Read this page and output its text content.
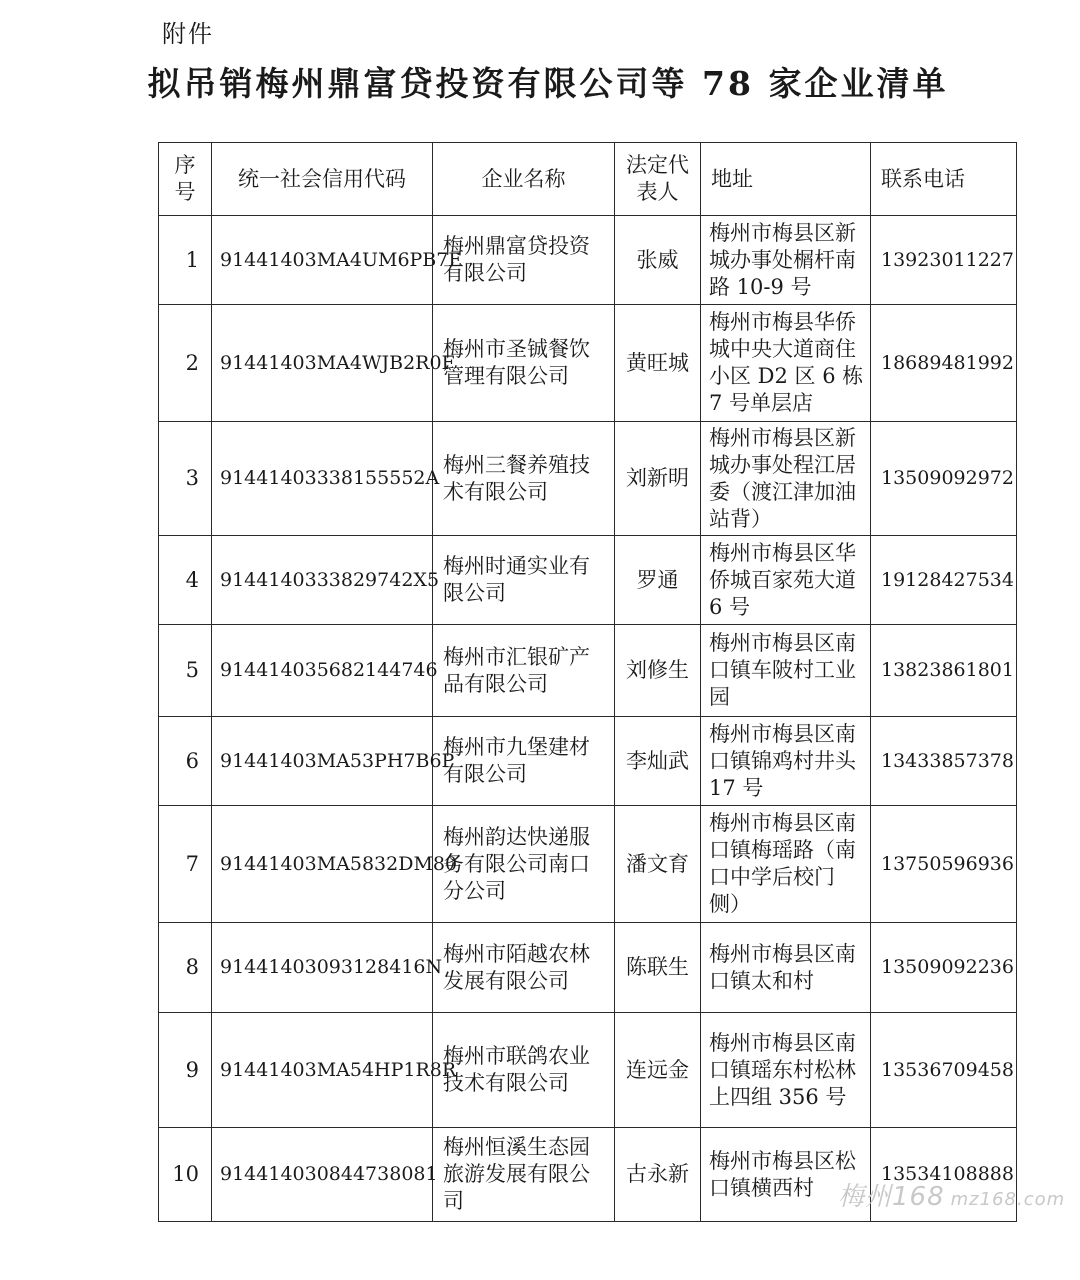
附件
拟吊销梅州鼎富贷投资有限公司等 78 家企业清单
序号	统一社会信用代码	企业名称	法定代表人	地址	联系电话
1	91441403MA4UM6PB7E	梅州鼎富贷投资有限公司	张威	梅州市梅县区新城办事处榍杆南路 10-9 号	13923011227
2	91441403MA4WJB2R0F	梅州市圣铖餐饮管理有限公司	黄旺城	梅州市梅县华侨城中央大道商住小区 D2 区 6 栋 7 号单层店	18689481992
3	91441403338155552A	梅州三餐养殖技术有限公司	刘新明	梅州市梅县区新城办事处程江居委（渡江津加油站背）	13509092972
4	9144140333829742X5	梅州时通实业有限公司	罗通	梅州市梅县区华侨城百家苑大道 6 号	19128427534
5	914414035682144746	梅州市汇银矿产品有限公司	刘修生	梅州市梅县区南口镇车陂村工业园	13823861801
6	91441403MA53PH7B6P	梅州市九堡建材有限公司	李灿武	梅州市梅县区南口镇锦鸡村井头 17 号	13433857378
7	91441403MA5832DM80	梅州韵达快递服务有限公司南口分公司	潘文育	梅州市梅县区南口镇梅瑶路（南口中学后校门侧）	13750596936
8	91441403093128416N	梅州市陌越农林发展有限公司	陈联生	梅州市梅县区南口镇太和村	13509092236
9	91441403MA54HP1R8R	梅州市联鸽农业技术有限公司	连远金	梅州市梅县区南口镇瑶东村松林上四组 356 号	13536709458
10	914414030844738081	梅州恒溪生态园旅游发展有限公司	古永新	梅州市梅县区松口镇横西村	13534108888
梅州168 mz168.com
